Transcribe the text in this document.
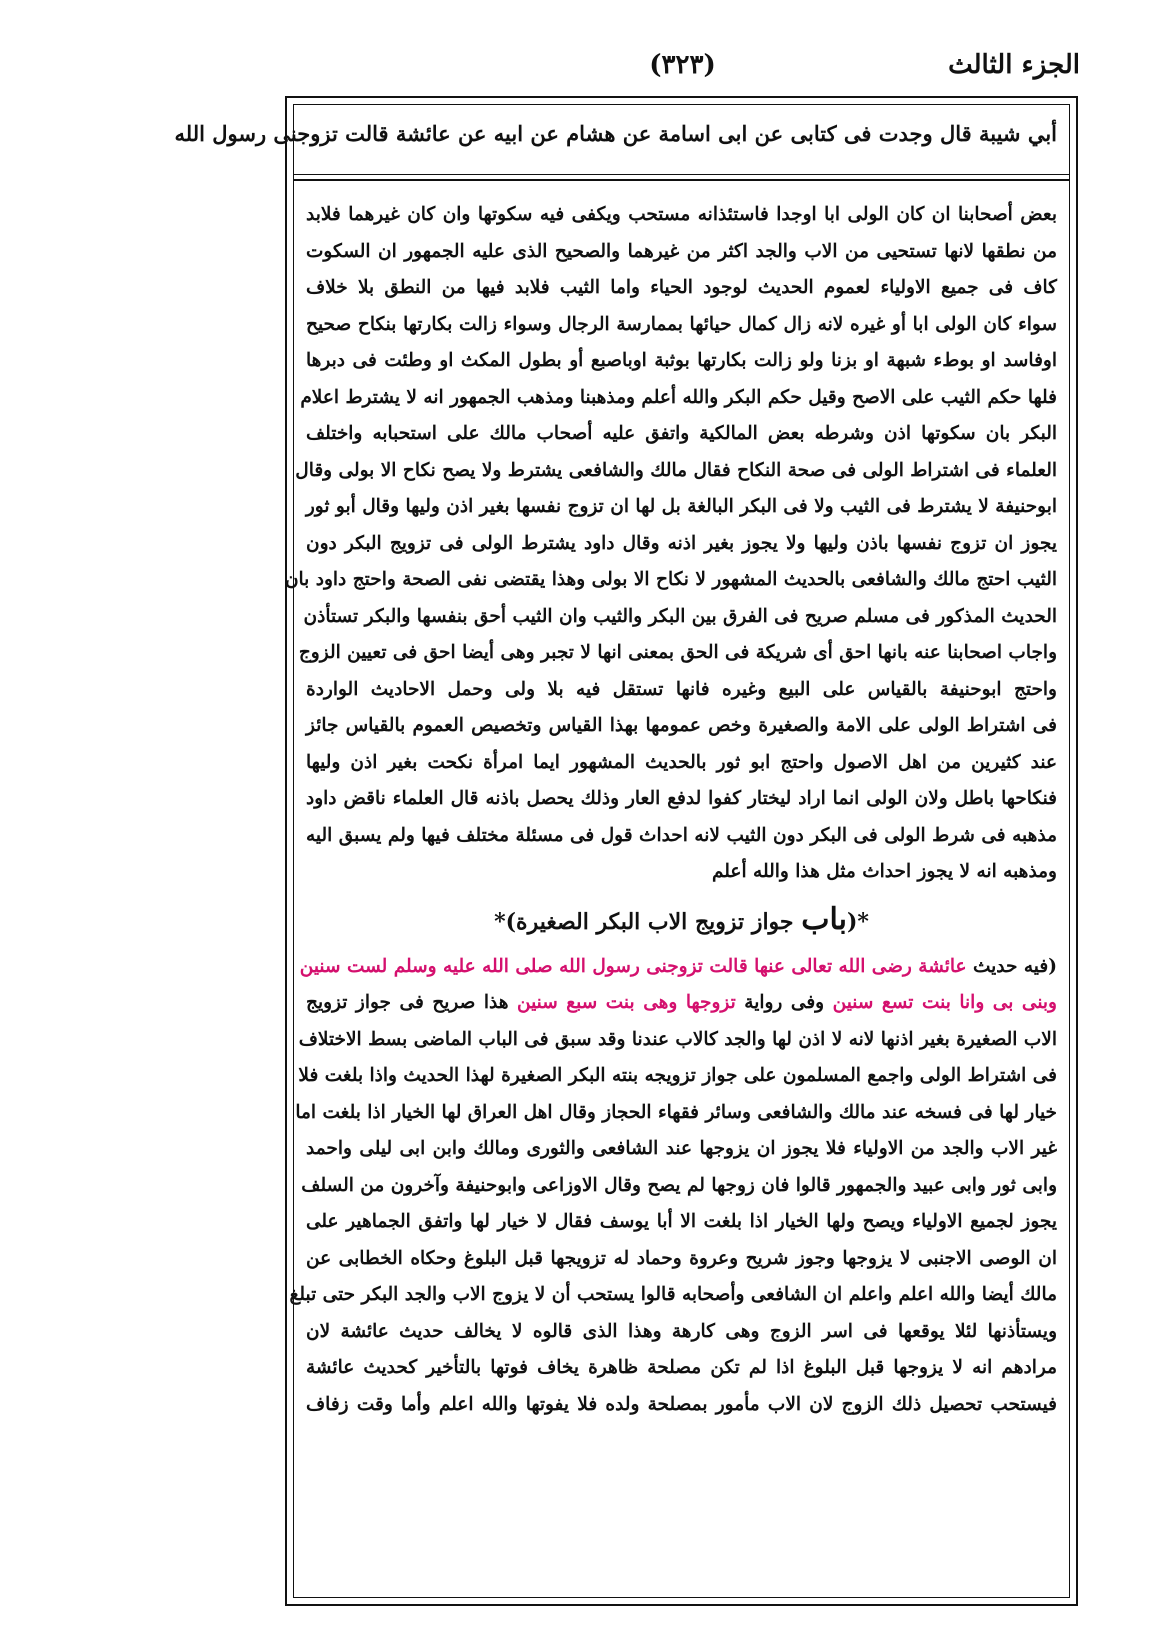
الجزء الثالث
(٣٢٣)
أبي شيبة قال وجدت فى كتابى عن ابى اسامة عن هشام عن ابيه عن عائشة قالت تزوجنى رسول الله
بعض أصحابنا ان كان الولى ابا اوجدا فاستئذانه مستحب ويكفى فيه سكوتها وان كان غيرهما فلابد
من نطقها لانها تستحيى من الاب والجد اكثر من غيرهما والصحيح الذى عليه الجمهور ان السكوت
كاف فى جميع الاولياء لعموم الحديث لوجود الحياء واما الثيب فلابد فيها من النطق بلا خلاف
سواء كان الولى ابا أو غيره لانه زال كمال حيائها بممارسة الرجال وسواء زالت بكارتها بنكاح صحيح
اوفاسد او بوطء شبهة او بزنا ولو زالت بكارتها بوثبة اوباصبع أو بطول المكث او وطئت فى دبرها
فلها حكم الثيب على الاصح وقيل حكم البكر والله أعلم ومذهبنا ومذهب الجمهور انه لا يشترط اعلام
البكر بان سكوتها اذن وشرطه بعض المالكية واتفق عليه أصحاب مالك على استحبابه واختلف
العلماء فى اشتراط الولى فى صحة النكاح فقال مالك والشافعى يشترط ولا يصح نكاح الا بولى وقال
ابوحنيفة لا يشترط فى الثيب ولا فى البكر البالغة بل لها ان تزوج نفسها بغير اذن وليها وقال أبو ثور
يجوز ان تزوج نفسها باذن وليها ولا يجوز بغير اذنه وقال داود يشترط الولى فى تزويج البكر دون
الثيب احتج مالك والشافعى بالحديث المشهور لا نكاح الا بولى وهذا يقتضى نفى الصحة واحتج داود بان
الحديث المذكور فى مسلم صريح فى الفرق بين البكر والثيب وان الثيب أحق بنفسها والبكر تستأذن
واجاب اصحابنا عنه بانها احق أى شريكة فى الحق بمعنى انها لا تجبر وهى أيضا احق فى تعيين الزوج
واحتج ابوحنيفة بالقياس على البيع وغيره فانها تستقل فيه بلا ولى وحمل الاحاديث الواردة
فى اشتراط الولى على الامة والصغيرة وخص عمومها بهذا القياس وتخصيص العموم بالقياس جائز
عند كثيرين من اهل الاصول واحتج ابو ثور بالحديث المشهور ايما امرأة نكحت بغير اذن وليها
فنكاحها باطل ولان الولى انما اراد ليختار كفوا لدفع العار وذلك يحصل باذنه قال العلماء ناقض داود
مذهبه فى شرط الولى فى البكر دون الثيب لانه احداث قول فى مسئلة مختلف فيها ولم يسبق اليه
ومذهبه انه لا يجوز احداث مثل هذا والله أعلم
*(باب جواز تزويج الاب البكر الصغيرة)*
(فيه حديث عائشة رضى الله تعالى عنها قالت تزوجنى رسول الله صلى الله عليه وسلم لست سنين
وبنى بى وانا بنت تسع سنين وفى رواية تزوجها وهى بنت سبع سنين هذا صريح فى جواز تزويج
الاب الصغيرة بغير اذنها لانه لا اذن لها والجد كالاب عندنا وقد سبق فى الباب الماضى بسط الاختلاف
فى اشتراط الولى واجمع المسلمون على جواز تزويجه بنته البكر الصغيرة لهذا الحديث واذا بلغت فلا
خيار لها فى فسخه عند مالك والشافعى وسائر فقهاء الحجاز وقال اهل العراق لها الخيار اذا بلغت اما
غير الاب والجد من الاولياء فلا يجوز ان يزوجها عند الشافعى والثورى ومالك وابن ابى ليلى واحمد
وابى ثور وابى عبيد والجمهور قالوا فان زوجها لم يصح وقال الاوزاعى وابوحنيفة وآخرون من السلف
يجوز لجميع الاولياء ويصح ولها الخيار اذا بلغت الا أبا يوسف فقال لا خيار لها واتفق الجماهير على
ان الوصى الاجنبى لا يزوجها وجوز شريح وعروة وحماد له تزويجها قبل البلوغ وحكاه الخطابى عن
مالك أيضا والله اعلم واعلم ان الشافعى وأصحابه قالوا يستحب أن لا يزوج الاب والجد البكر حتى تبلغ
ويستأذنها لئلا يوقعها فى اسر الزوج وهى كارهة وهذا الذى قالوه لا يخالف حديث عائشة لان
مرادهم انه لا يزوجها قبل البلوغ اذا لم تكن مصلحة ظاهرة يخاف فوتها بالتأخير كحديث عائشة
فيستحب تحصيل ذلك الزوج لان الاب مأمور بمصلحة ولده فلا يفوتها والله اعلم وأما وقت زفاف
